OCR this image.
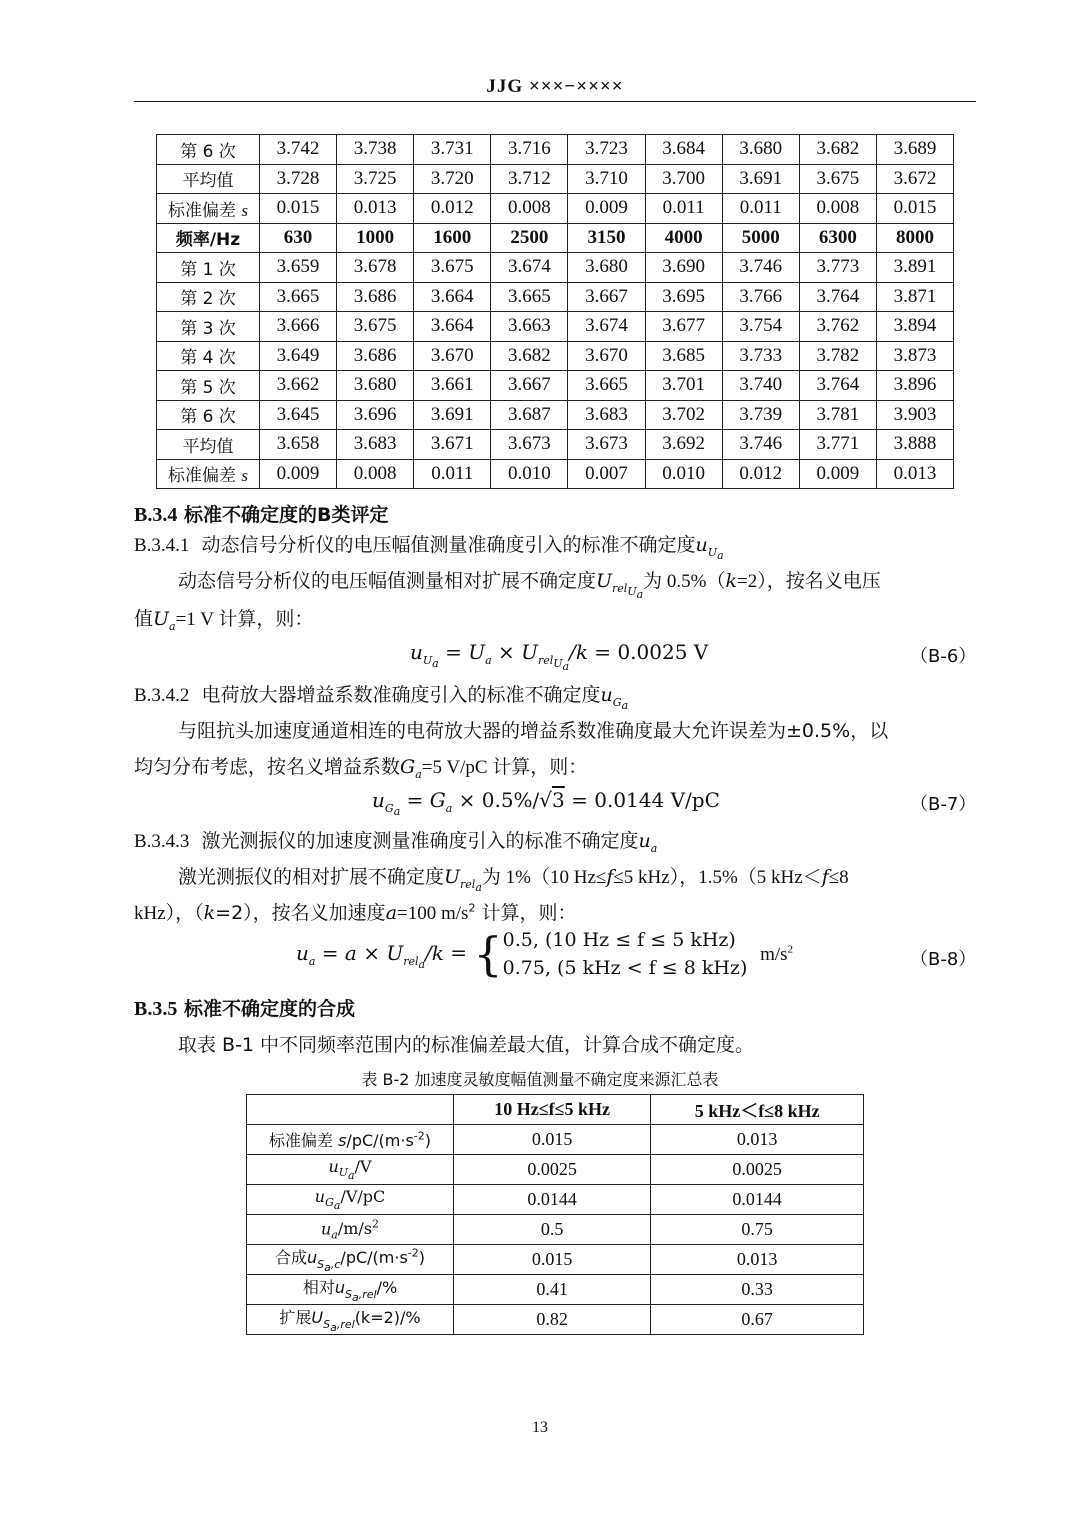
JJG ×××−××××
第 6 次	3.742	3.738	3.731	3.716	3.723	3.684	3.680	3.682	3.689
平均值	3.728	3.725	3.720	3.712	3.710	3.700	3.691	3.675	3.672
标准偏差 s	0.015	0.013	0.012	0.008	0.009	0.011	0.011	0.008	0.015
频率/Hz	630	1000	1600	2500	3150	4000	5000	6300	8000
第 1 次	3.659	3.678	3.675	3.674	3.680	3.690	3.746	3.773	3.891
第 2 次	3.665	3.686	3.664	3.665	3.667	3.695	3.766	3.764	3.871
第 3 次	3.666	3.675	3.664	3.663	3.674	3.677	3.754	3.762	3.894
第 4 次	3.649	3.686	3.670	3.682	3.670	3.685	3.733	3.782	3.873
第 5 次	3.662	3.680	3.661	3.667	3.665	3.701	3.740	3.764	3.896
第 6 次	3.645	3.696	3.691	3.687	3.683	3.702	3.739	3.781	3.903
平均值	3.658	3.683	3.671	3.673	3.673	3.692	3.746	3.771	3.888
标准偏差 s	0.009	0.008	0.011	0.010	0.007	0.010	0.012	0.009	0.013
B.3.4 标准不确定度的B类评定
B.3.4.1 动态信号分析仪的电压幅值测量准确度引入的标准不确定度$u_{U_a}$
动态信号分析仪的电压幅值测量相对扩展不确定度$U_{rel_{U_a}}$为 0.5%（k=2），按名义电压
值$U_a=1$ V 计算，则：
$u_{U_a} = U_a \times U_{rel_{U_a}}/k = 0.0025$ V	（B-6）
B.3.4.2 电荷放大器增益系数准确度引入的标准不确定度$u_{G_a}$
与阻抗头加速度通道相连的电荷放大器的增益系数准确度最大允许误差为±0.5%，以
均匀分布考虑，按名义增益系数$G_a=5$ V/pC 计算，则：
$u_{G_a} = G_a \times 0.5\%/√3 = 0.0144$ V/pC	（B-7）
B.3.4.3 激光测振仪的加速度测量准确度引入的标准不确定度$u_a$
激光测振仪的相对扩展不确定度$U_{rel_a}$为 1%（10 Hz≤f≤5 kHz），1.5%（5 kHz＜f≤8
kHz），（k=2），按名义加速度a=100 $m/s^2$ 计算，则：
$u_a = a \times U_{rel_a}/k$ = { 0.5, (10 Hz ≤ f ≤ 5 kHz)
0.75, (5 kHz < f ≤ 8 kHz)
$m/s^2$	（B-8）
B.3.5 标准不确定度的合成
取表 B-1 中不同频率范围内的标准偏差最大值，计算合成不确定度。
表 B-2 加速度灵敏度幅值测量不确定度来源汇总表
	10 Hz≤f≤5 kHz	5 kHz＜f≤8 kHz
标准偏差 $s/pC/(m\cdot s^{-2})$	0.015	0.013
$u_{U_a}/V$	0.0025	0.0025
$u_{G_a}/V/pC$	0.0144	0.0144
$u_a/m/s^2$	0.5	0.75
合成$u_{S_a,c}/pC/(m\cdot s^{-2})$	0.015	0.013
相对$u_{S_a,rel}/\%$	0.41	0.33
扩展$U_{S_a,rel}(k=2)/\%$	0.82	0.67
13
